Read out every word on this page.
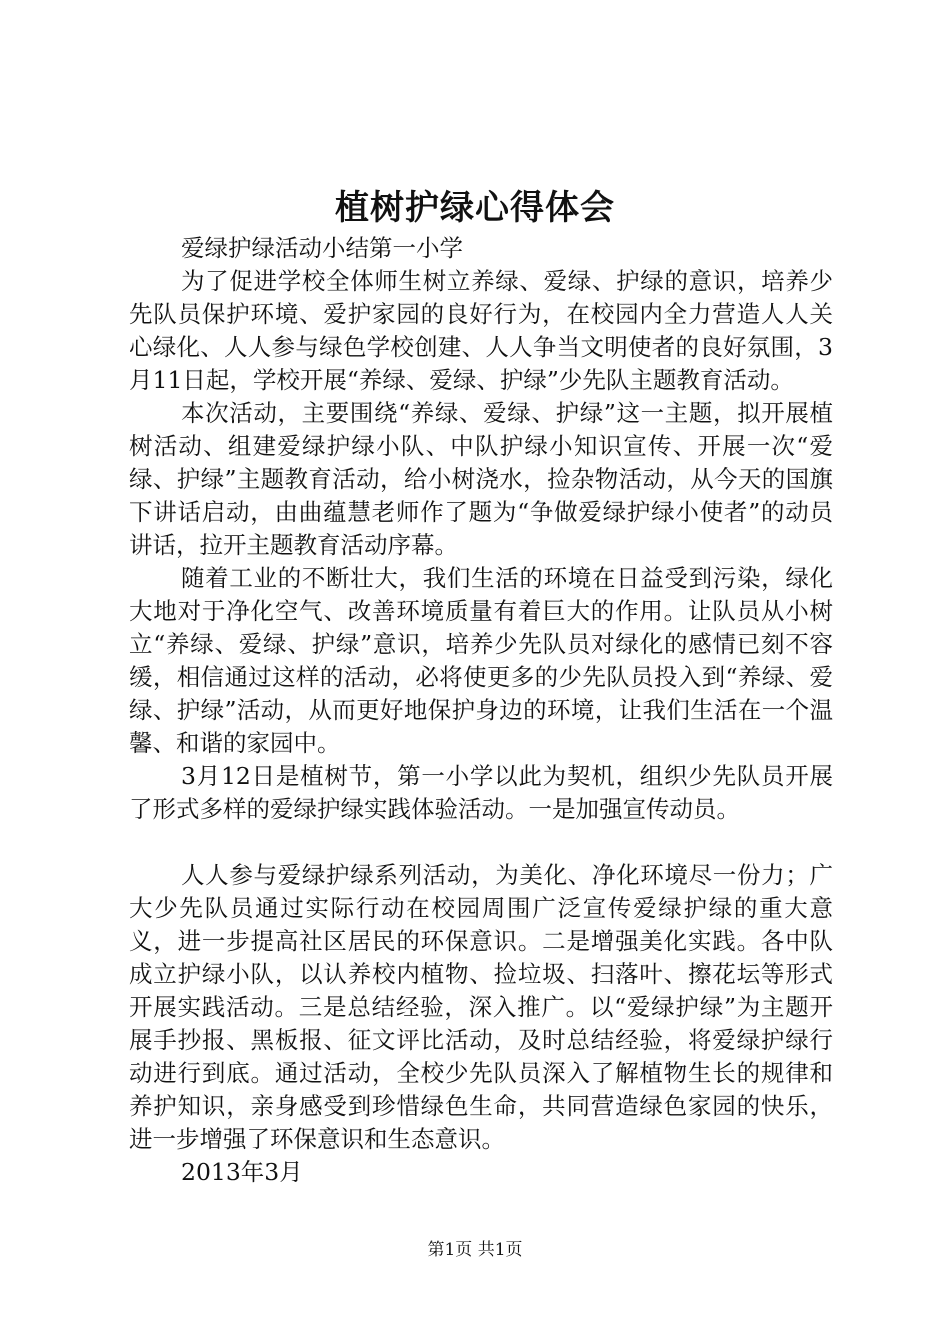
植树护绿心得体会

爱绿护绿活动小结第一小学

为了促进学校全体师生树立养绿、爱绿、护绿的意识，培养少先队员保护环境、爱护家园的良好行为，在校园内全力营造人人关心绿化、人人参与绿色学校创建、人人争当文明使者的良好氛围，3月11日起，学校开展“养绿、爱绿、护绿”少先队主题教育活动。

本次活动，主要围绕“养绿、爱绿、护绿”这一主题，拟开展植树活动、组建爱绿护绿小队、中队护绿小知识宣传、开展一次“爱绿、护绿”主题教育活动，给小树浇水，捡杂物活动，从今天的国旗下讲话启动，由曲蕴慧老师作了题为“争做爱绿护绿小使者”的动员讲话，拉开主题教育活动序幕。

随着工业的不断壮大，我们生活的环境在日益受到污染，绿化大地对于净化空气、改善环境质量有着巨大的作用。让队员从小树立“养绿、爱绿、护绿”意识，培养少先队员对绿化的感情已刻不容缓，相信通过这样的活动，必将使更多的少先队员投入到“养绿、爱绿、护绿”活动，从而更好地保护身边的环境，让我们生活在一个温馨、和谐的家园中。

3月12日是植树节，第一小学以此为契机，组织少先队员开展了形式多样的爱绿护绿实践体验活动。一是加强宣传动员。

人人参与爱绿护绿系列活动，为美化、净化环境尽一份力；广大少先队员通过实际行动在校园周围广泛宣传爱绿护绿的重大意义，进一步提高社区居民的环保意识。二是增强美化实践。各中队成立护绿小队，以认养校内植物、捡垃圾、扫落叶、擦花坛等形式开展实践活动。三是总结经验，深入推广。以“爱绿护绿”为主题开展手抄报、黑板报、征文评比活动，及时总结经验，将爱绿护绿行动进行到底。通过活动，全校少先队员深入了解植物生长的规律和养护知识，亲身感受到珍惜绿色生命，共同营造绿色家园的快乐，进一步增强了环保意识和生态意识。

2013年3月

第1页 共1页
